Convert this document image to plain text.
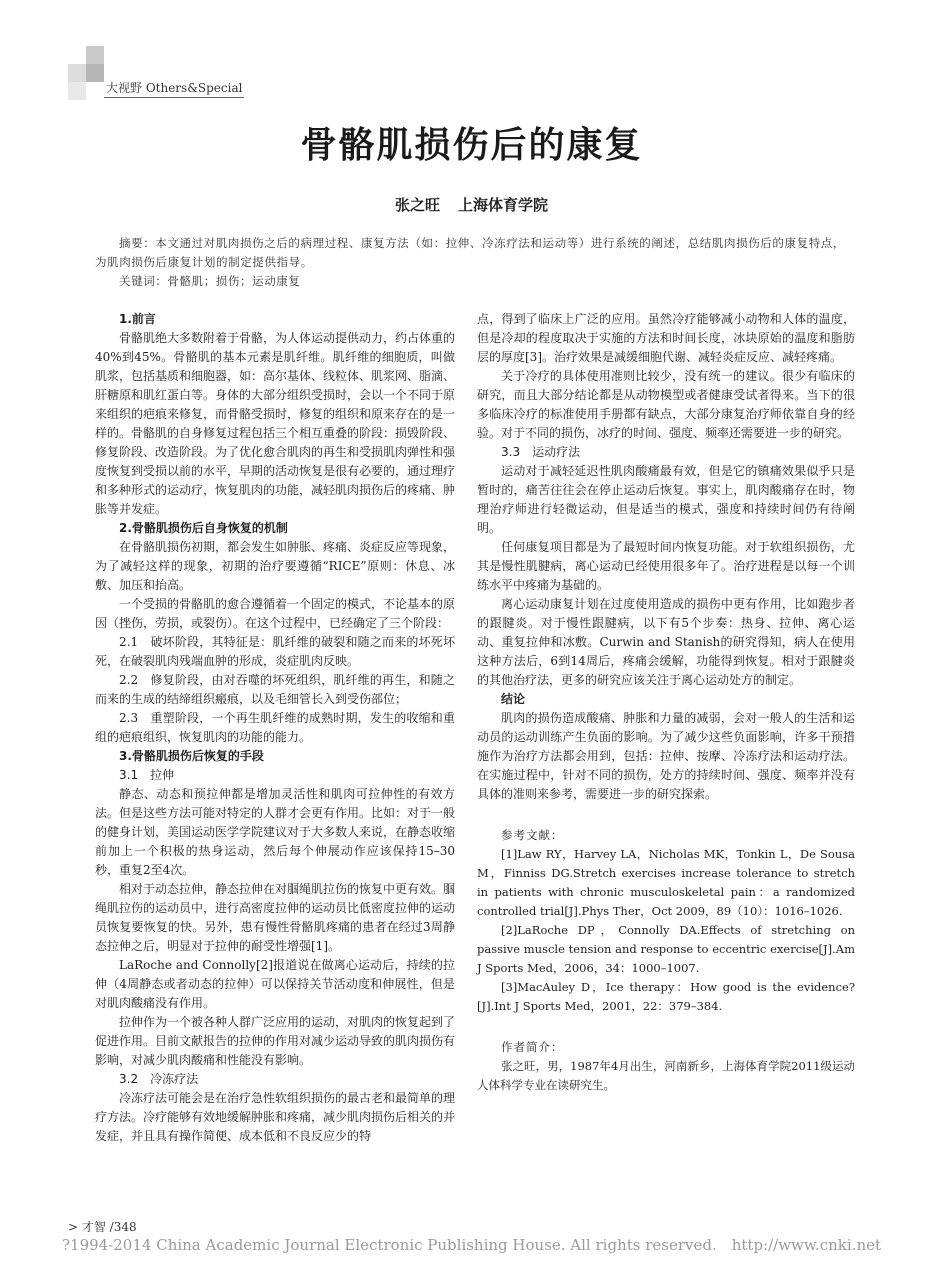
大视野 Others&Special
骨骼肌损伤后的康复
张之旺 上海体育学院

摘要：本文通过对肌肉损伤之后的病理过程、康复方法（如：拉伸、冷冻疗法和运动等）进行系统的阐述，总结肌肉损伤后的康复特点，为肌肉损伤后康复计划的制定提供指导。

关键词：骨骼肌；损伤；运动康复

1.前言

骨骼肌绝大多数附着于骨骼，为人体运动提供动力，约占体重的40%到45%。骨骼肌的基本元素是肌纤维。肌纤维的细胞质，叫做肌浆，包括基质和细胞器，如：高尔基体、线粒体、肌浆网、脂滴、肝糖原和肌红蛋白等。身体的大部分组织受损时，会以一个不同于原来组织的疤痕来修复，而骨骼受损时，修复的组织和原来存在的是一样的。骨骼肌的自身修复过程包括三个相互重叠的阶段：损毁阶段、修复阶段、改造阶段。为了优化愈合肌肉的再生和受损肌肉弹性和强度恢复到受损以前的水平，早期的活动恢复是很有必要的，通过理疗和多种形式的运动疗，恢复肌肉的功能，减轻肌肉损伤后的疼痛、肿胀等并发症。

2.骨骼肌损伤后自身恢复的机制

在骨骼肌损伤初期，都会发生如肿胀、疼痛、炎症反应等现象，为了减轻这样的现象，初期的治疗要遵循“RICE”原则：休息、冰敷、加压和抬高。

一个受损的骨骼肌的愈合遵循着一个固定的模式，不论基本的原因（挫伤，劳损，或裂伤）。在这个过程中，已经确定了三个阶段：

2.1　破坏阶段，其特征是：肌纤维的破裂和随之而来的坏死坏死，在破裂肌肉残端血肿的形成，炎症肌肉反映。

2.2　修复阶段，由对吞噬的坏死组织，肌纤维的再生，和随之而来的生成的结缔组织瘢痕，以及毛细管长入到受伤部位；

2.3　重塑阶段，一个再生肌纤维的成熟时期，发生的收缩和重组的疤痕组织，恢复肌肉的功能的能力。

3.骨骼肌损伤后恢复的手段
3.1　拉伸

静态、动态和预拉伸都是增加灵活性和肌肉可拉伸性的有效方法。但是这些方法可能对特定的人群才会更有作用。比如：对于一般的健身计划，美国运动医学学院建议对于大多数人来说，在静态收缩前加上一个积极的热身运动，然后每个伸展动作应该保持15–30秒，重复2至4次。

相对于动态拉伸，静态拉伸在对腘绳肌拉伤的恢复中更有效。腘绳肌拉伤的运动员中，进行高密度拉伸的运动员比低密度拉伸的运动员恢复要恢复的快。另外，患有慢性骨骼肌疼痛的患者在经过3周静态拉伸之后，明显对于拉伸的耐受性增强[1]。

LaRoche and Connolly[2]报道说在做离心运动后，持续的拉伸（4周静态或者动态的拉伸）可以保持关节活动度和伸展性，但是对肌肉酸痛没有作用。

拉伸作为一个被各种人群广泛应用的运动，对肌肉的恢复起到了促进作用。目前文献报告的拉伸的作用对减少运动导致的肌肉损伤有影响，对减少肌肉酸痛和性能没有影响。

3.2　冷冻疗法

冷冻疗法可能会是在治疗急性软组织损伤的最古老和最简单的理疗方法。冷疗能够有效地缓解肿胀和疼痛，减少肌肉损伤后相关的并发症，并且具有操作简便、成本低和不良反应少的特

点，得到了临床上广泛的应用。虽然冷疗能够减小动物和人体的温度，但是冷却的程度取决于实施的方法和时间长度，冰块原始的温度和脂肪层的厚度[3]。治疗效果是减缓细胞代谢、减轻炎症反应、减轻疼痛。

关于冷疗的具体使用准则比较少，没有统一的建议。很少有临床的研究，而且大部分结论都是从动物模型或者健康受试者得来。当下的很多临床冷疗的标准使用手册都有缺点，大部分康复治疗师依靠自身的经验。对于不同的损伤，冰疗的时间、强度、频率还需要进一步的研究。

3.3　运动疗法

运动对于减轻延迟性肌肉酸痛最有效，但是它的镇痛效果似乎只是暂时的，痛苦往往会在停止运动后恢复。事实上，肌肉酸痛存在时，物理治疗师进行轻微运动，但是适当的模式，强度和持续时间仍有待阐明。

任何康复项目都是为了最短时间内恢复功能。对于软组织损伤，尤其是慢性肌腱病，离心运动已经使用很多年了。治疗进程是以每一个训练水平中疼痛为基础的。

离心运动康复计划在过度使用造成的损伤中更有作用，比如跑步者的跟腱炎。对于慢性跟腱病，以下有5个步奏：热身、拉伸、离心运动、重复拉伸和冰敷。Curwin and Stanish的研究得知，病人在使用这种方法后，6到14周后，疼痛会缓解，功能得到恢复。相对于跟腱炎的其他治疗法，更多的研究应该关注于离心运动处方的制定。

结论

肌肉的损伤造成酸痛、肿胀和力量的减弱，会对一般人的生活和运动员的运动训练产生负面的影响。为了减少这些负面影响，许多干预措施作为治疗方法都会用到，包括：拉伸、按摩、冷冻疗法和运动疗法。在实施过程中，针对不同的损伤，处方的持续时间、强度、频率并没有具体的准则来参考，需要进一步的研究探索。

参考文献：

[1]Law RY，Harvey LA，Nicholas MK，Tonkin L，De Sousa M，Finniss DG.Stretch exercises increase tolerance to stretch in patients with chronic musculoskeletal pain：a randomized controlled trial[J].Phys Ther，Oct 2009，89（10）：1016–1026.

[2]LaRoche DP，Connolly DA.Effects of stretching on passive muscle tension and response to eccentric exercise[J].Am J Sports Med，2006，34：1000–1007.

[3]MacAuley D，Ice therapy：How good is the evidence?[J].Int J Sports Med，2001，22：379–384.

作者简介：

张之旺，男，1987年4月出生，河南新乡，上海体育学院2011级运动人体科学专业在读研究生。

> 才智 /348
?1994-2014 China Academic Journal Electronic Publishing House. All rights reserved.　http://www.cnki.net
